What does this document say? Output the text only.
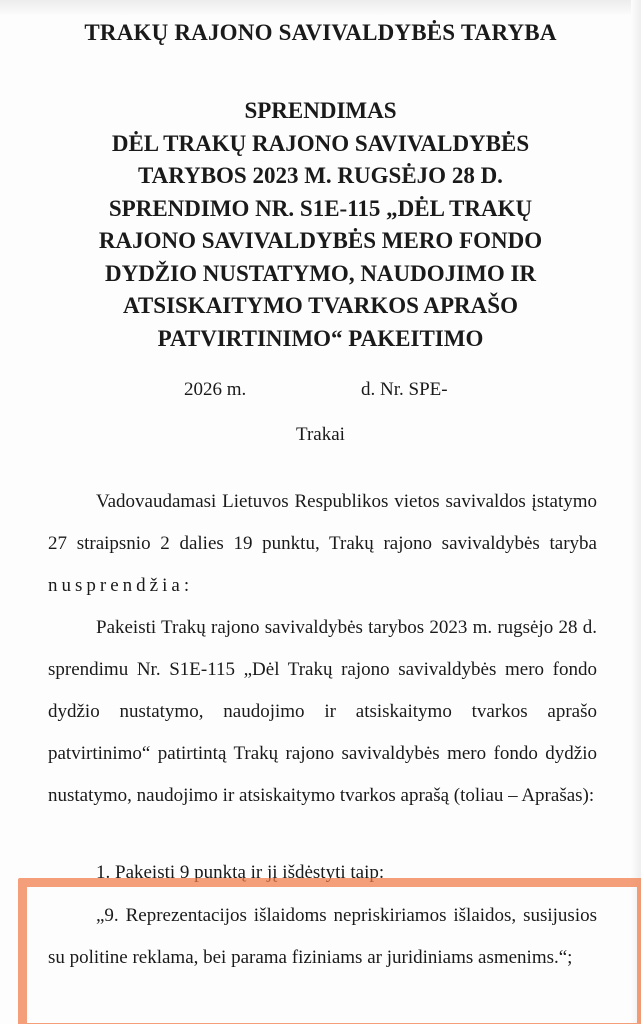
TRAKŲ RAJONO SAVIVALDYBĖS TARYBA
SPRENDIMAS
DĖL TRAKŲ RAJONO SAVIVALDYBĖS
TARYBOS 2023 M. RUGSĖJO 28 D.
SPRENDIMO NR. S1E-115 „DĖL TRAKŲ
RAJONO SAVIVALDYBĖS MERO FONDO
DYDŽIO NUSTATYMO, NAUDOJIMO IR
ATSISKAITYMO TVARKOS APRAŠO
PATVIRTINIMO“ PAKEITIMO
2026 m.	d. Nr. SPE-
Trakai

Vadovaudamasi Lietuvos Respublikos vietos savivaldos įstatymo 27 straipsnio 2 dalies 19 punktu, Trakų rajono savivaldybės taryba nusprendžia:

Pakeisti Trakų rajono savivaldybės tarybos 2023 m. rugsėjo 28 d. sprendimu Nr. S1E-115 „Dėl Trakų rajono savivaldybės mero fondo dydžio nustatymo, naudojimo ir atsiskaitymo tvarkos aprašo patvirtinimo“ patirtintą Trakų rajono savivaldybės mero fondo dydžio nustatymo, naudojimo ir atsiskaitymo tvarkos aprašą (toliau – Aprašas):

1. Pakeisti 9 punktą ir jį išdėstyti taip:

„9. Reprezentacijos išlaidoms nepriskiriamos išlaidos, susijusios su politine reklama, bei parama fiziniams ar juridiniams asmenims.“;
